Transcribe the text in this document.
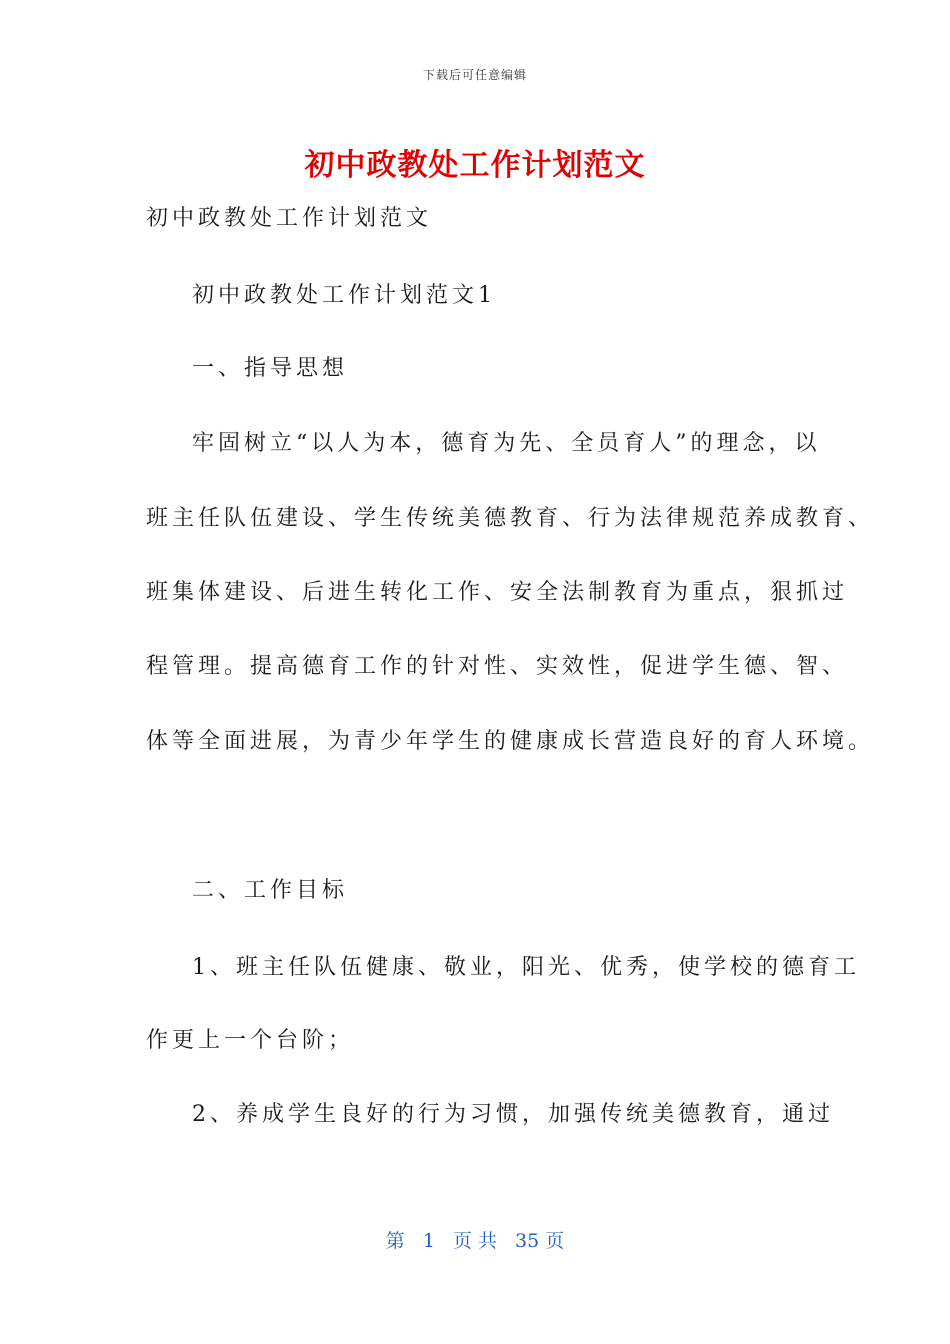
下载后可任意编辑
初中政教处工作计划范文

初中政教处工作计划范文

初中政教处工作计划范文1

一、指导思想

牢固树立“以人为本，德育为先、全员育人”的理念，以

班主任队伍建设、学生传统美德教育、行为法律规范养成教育、

班集体建设、后进生转化工作、安全法制教育为重点，狠抓过

程管理。提高德育工作的针对性、实效性，促进学生德、智、

体等全面进展，为青少年学生的健康成长营造良好的育人环境。

二、工作目标

1、班主任队伍健康、敬业，阳光、优秀，使学校的德育工

作更上一个台阶；

2、养成学生良好的行为习惯，加强传统美德教育，通过

第 1 页 共 35 页
